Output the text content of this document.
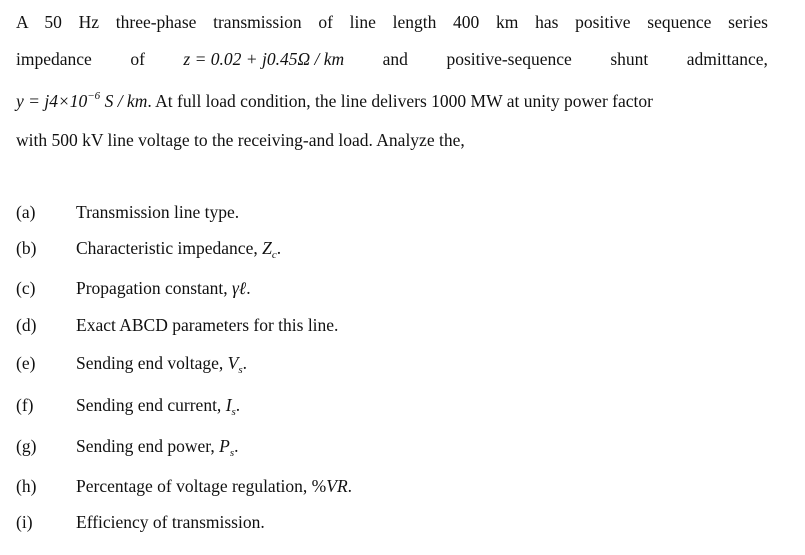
A 50 Hz three-phase transmission of line length 400 km has positive sequence series
impedance of z = 0.02 + j0.45Ω / km and positive-sequence shunt admittance,
$y = j4\times 10^{-6}$ S / km. At full load condition, the line delivers 1000 MW at unity power factor
with 500 kV line voltage to the receiving-and load. Analyze the,
(a) Transmission line type.
(b) Characteristic impedance, $Z_c$.
(c) Propagation constant, γℓ.
(d) Exact ABCD parameters for this line.
(e) Sending end voltage, $V_s$.
(f) Sending end current, $I_s$.
(g) Sending end power, $P_s$.
(h) Percentage of voltage regulation, %VR.
(i) Efficiency of transmission.
